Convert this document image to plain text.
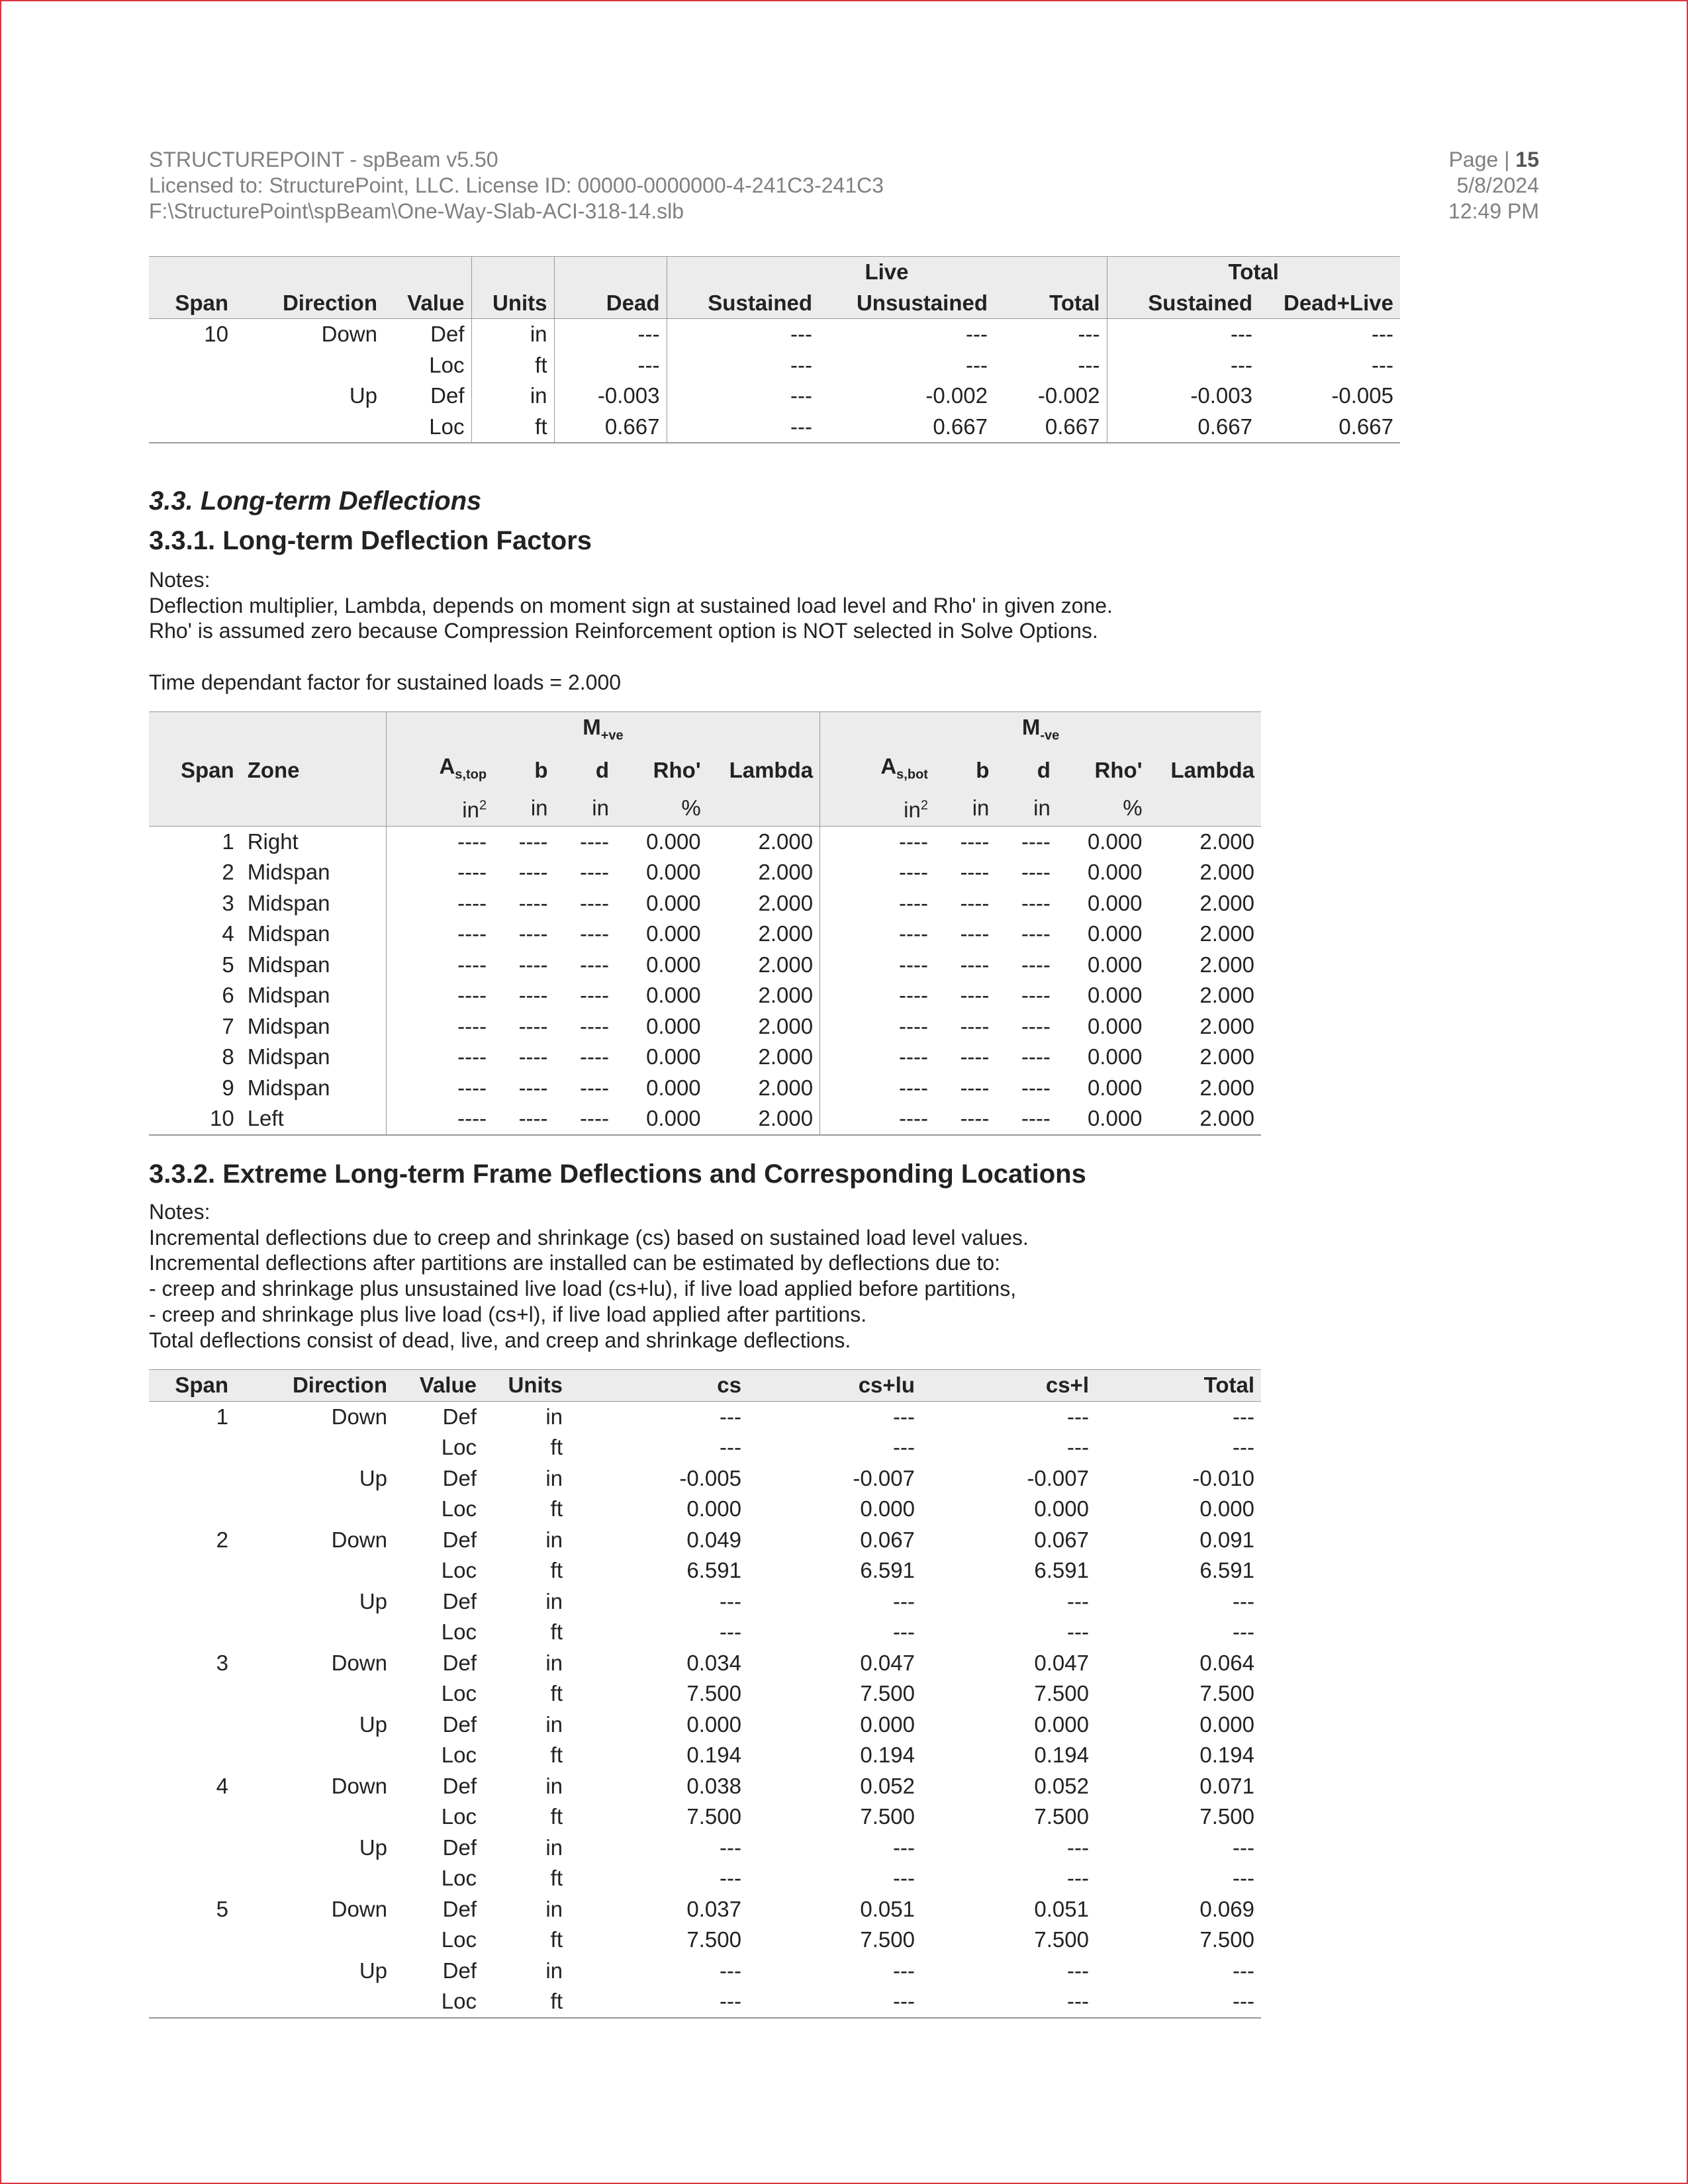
STRUCTUREPOINT - spBeam v5.50
Licensed to: StructurePoint, LLC. License ID: 00000-0000000-4-241C3-241C3
F:\StructurePoint\spBeam\One-Way-Slab-ACI-318-14.slb
Page | 15
5/8/2024
12:49 PM
					Live			Total	
Span	Direction	Value	Units	Dead	Sustained	Unsustained	Total	Sustained	Dead+Live
10	Down	Def	in	---	---	---	---	---	---
		Loc	ft	---	---	---	---	---	---
	Up	Def	in	-0.003	---	-0.002	-0.002	-0.003	-0.005
		Loc	ft	0.667	---	0.667	0.667	0.667	0.667
3.3. Long-term Deflections
3.3.1. Long-term Deflection Factors
Notes:
Deflection multiplier, Lambda, depends on moment sign at sustained load level and Rho' in given zone.
Rho' is assumed zero because Compression Reinforcement option is NOT selected in Solve Options.
Time dependant factor for sustained loads = 2.000
		$M_{+ve}$					$M_{-ve}$
Span	Zone	$A_{s,top}$	b	d	Rho'	Lambda	$A_{s,bot}$	b	d	Rho'	Lambda
		$in^2$	in	in	%		$in^2$	in	in	%	
1	Right	----	----	----	0.000	2.000	----	----	----	0.000	2.000
2	Midspan	----	----	----	0.000	2.000	----	----	----	0.000	2.000
3	Midspan	----	----	----	0.000	2.000	----	----	----	0.000	2.000
4	Midspan	----	----	----	0.000	2.000	----	----	----	0.000	2.000
5	Midspan	----	----	----	0.000	2.000	----	----	----	0.000	2.000
6	Midspan	----	----	----	0.000	2.000	----	----	----	0.000	2.000
7	Midspan	----	----	----	0.000	2.000	----	----	----	0.000	2.000
8	Midspan	----	----	----	0.000	2.000	----	----	----	0.000	2.000
9	Midspan	----	----	----	0.000	2.000	----	----	----	0.000	2.000
10	Left	----	----	----	0.000	2.000	----	----	----	0.000	2.000
3.3.2. Extreme Long-term Frame Deflections and Corresponding Locations
Notes:
Incremental deflections due to creep and shrinkage (cs) based on sustained load level values.
Incremental deflections after partitions are installed can be estimated by deflections due to:
- creep and shrinkage plus unsustained live load (cs+lu), if live load applied before partitions,
- creep and shrinkage plus live load (cs+l), if live load applied after partitions.
Total deflections consist of dead, live, and creep and shrinkage deflections.
Span	Direction	Value	Units	cs	cs+lu	cs+l	Total
1	Down	Def	in	---	---	---	---
		Loc	ft	---	---	---	---
	Up	Def	in	-0.005	-0.007	-0.007	-0.010
		Loc	ft	0.000	0.000	0.000	0.000
2	Down	Def	in	0.049	0.067	0.067	0.091
		Loc	ft	6.591	6.591	6.591	6.591
	Up	Def	in	---	---	---	---
		Loc	ft	---	---	---	---
3	Down	Def	in	0.034	0.047	0.047	0.064
		Loc	ft	7.500	7.500	7.500	7.500
	Up	Def	in	0.000	0.000	0.000	0.000
		Loc	ft	0.194	0.194	0.194	0.194
4	Down	Def	in	0.038	0.052	0.052	0.071
		Loc	ft	7.500	7.500	7.500	7.500
	Up	Def	in	---	---	---	---
		Loc	ft	---	---	---	---
5	Down	Def	in	0.037	0.051	0.051	0.069
		Loc	ft	7.500	7.500	7.500	7.500
	Up	Def	in	---	---	---	---
		Loc	ft	---	---	---	---
